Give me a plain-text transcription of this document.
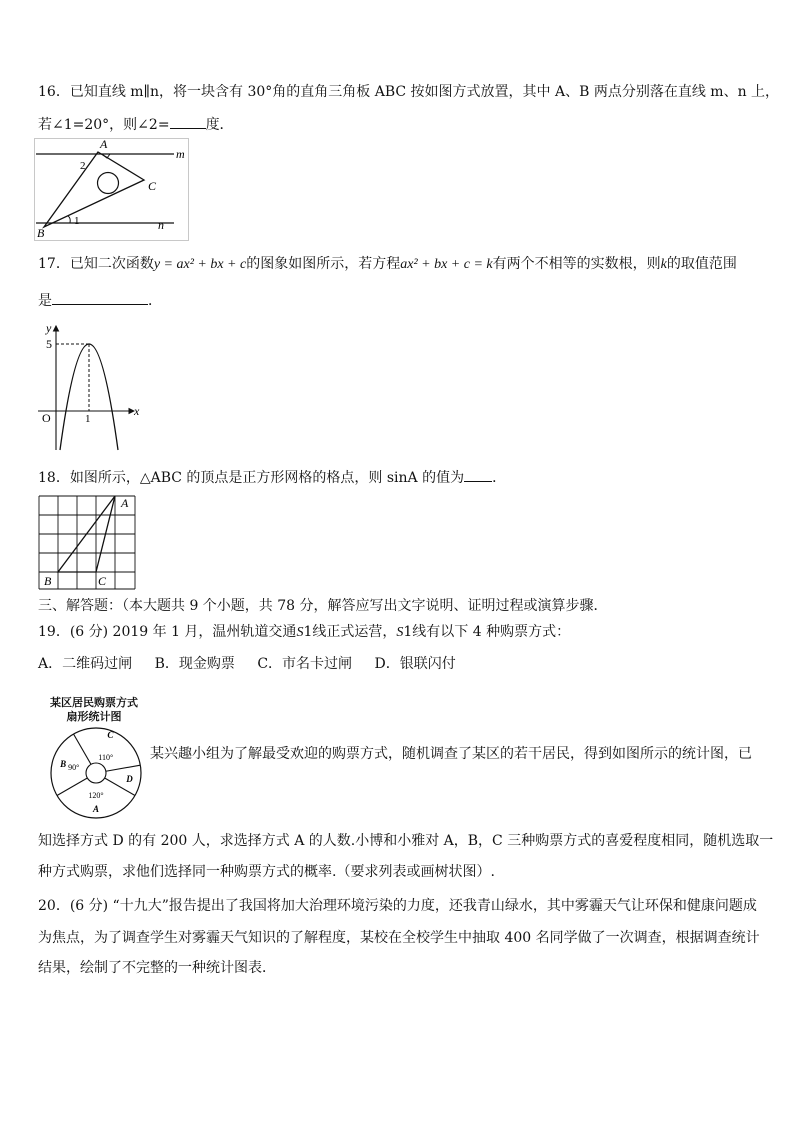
16．已知直线 m∥n，将一块含有 30°角的直角三角板 ABC 按如图方式放置，其中 A、B 两点分别落在直线 m、n 上，
若∠1=20°，则∠2=	度．
A
C
B
m
n
1
2
17．已知二次函数y = ax² + bx + c的图象如图所示，若方程ax² + bx + c = k有两个不相等的实数根，则k的取值范围
是	．
y
x
O
5
1
18．如图所示，△ABC 的顶点是正方形网格的格点，则 sinA 的值为 ．
A
B	C
三、解答题：（本大题共 9 个小题，共 78 分，解答应写出文字说明、证明过程或演算步骤．
19．(6 分) 2019 年 1 月，温州轨道交通S1线正式运营，S1线有以下 4 种购票方式：
A．二维码过闸 B．现金购票 C．市名卡过闸 D．银联闪付
某区居民购票方式
扇形统计图
A
120°
B 90°
C
110°
D
某兴趣小组为了解最受欢迎的购票方式，随机调查了某区的若干居民，得到如图所示的统计图，已
知选择方式 D 的有 200 人，求选择方式 A 的人数.小博和小雅对 A，B，C 三种购票方式的喜爱程度相同，随机选取一
种方式购票，求他们选择同一种购票方式的概率.（要求列表或画树状图）.
20．(6 分) “十九大”报告提出了我国将加大治理环境污染的力度，还我青山绿水，其中雾霾天气让环保和健康问题成
为焦点，为了调查学生对雾霾天气知识的了解程度，某校在全校学生中抽取 400 名同学做了一次调查，根据调查统计
结果，绘制了不完整的一种统计图表．
